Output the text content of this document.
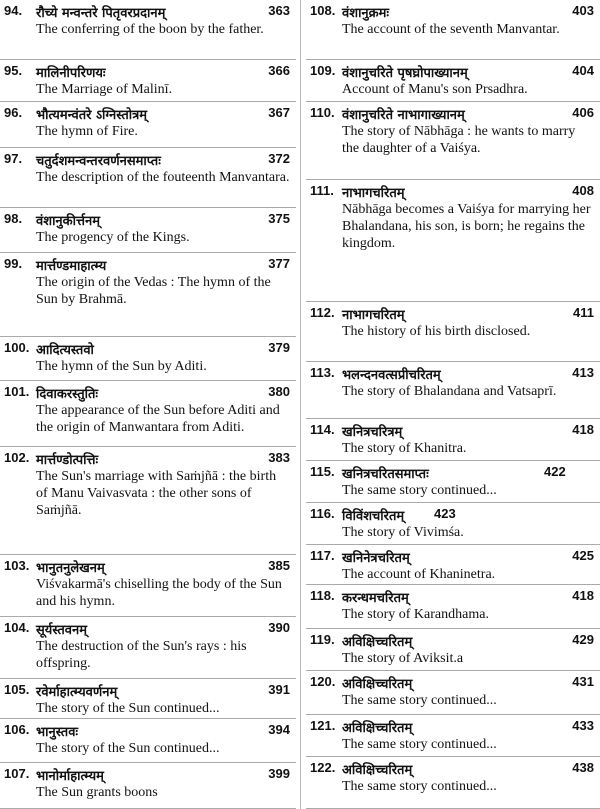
94. रौच्ये मन्वन्तरे पितृवरप्रदानम्	363
The conferring of the boon by the father.
95. मालिनीपरिणयः	366
The Marriage of Malinī.
96. भौत्यमन्वंतरे ऽग्निस्तोत्रम्	367
The hymn of Fire.
97. चतुर्दशमन्वन्तरवर्णनसमाप्तः	372
The description of the fouteenth Manvantara.
98. वंशानुकीर्त्तनम्	375
The progency of the Kings.
99. मार्त्तण्डमाहात्म्य	377
The origin of the Vedas : The hymn of the Sun by Brahmā.
100. आदित्यस्तवो	379
The hymn of the Sun by Aditi.
101. दिवाकरस्तुतिः	380
The appearance of the Sun before Aditi and the origin of Manwantara from Aditi.
102. मार्त्तण्डोत्पत्तिः	383
The Sun's marriage with Saṁjñā : the birth of Manu Vaivasvata : the other sons of Saṁjñā.
103. भानुतनुलेखनम्	385
Viśvakarmā's chiselling the body of the Sun and his hymn.
104. सूर्यस्तवनम्	390
The destruction of the Sun's rays : his offspring.
105. रवेर्माहात्म्यवर्णनम्	391
The story of the Sun continued...
106. भानुस्तवः	394
The story of the Sun continued...
107. भानोर्माहात्म्यम्	399
The Sun grants boons
108. वंशानुक्रमः	403
The account of the seventh Manvantar.
109. वंशानुचरिते पृषघ्रोपाख्यानम्	404
Account of Manu's son Prsadhra.
110. वंशानुचरिते नाभागाख्यानम्	406
The story of Nābhāga : he wants to marry the daughter of a Vaiśya.
111. नाभागचरितम्	408
Nābhāga becomes a Vaiśya for marrying her Bhalandana, his son, is born; he regains the kingdom.
112. नाभागचरितम्	411
The history of his birth disclosed.
113. भलन्दनवत्सप्रीचरितम्	413
The story of Bhalandana and Vatsaprī.
114. खनित्रचरित्रम्	418
The story of Khanitra.
115. खनित्रचरितसमाप्तः	422
The same story continued...
116. विविंशचरितम् 423
The story of Vivimśa.
117. खनिनेत्रचरितम्	425
The account of Khaninetra.
118. करन्धमचरितम्	418
The story of Karandhama.
119. अविक्षिच्चरितम्	429
The story of Aviksit.a
120. अविक्षिच्चरितम्	431
The same story continued...
121. अविक्षिच्चरितम्	433
The same story continued...
122. अविक्षिच्चरितम्	438
The same story continued...
